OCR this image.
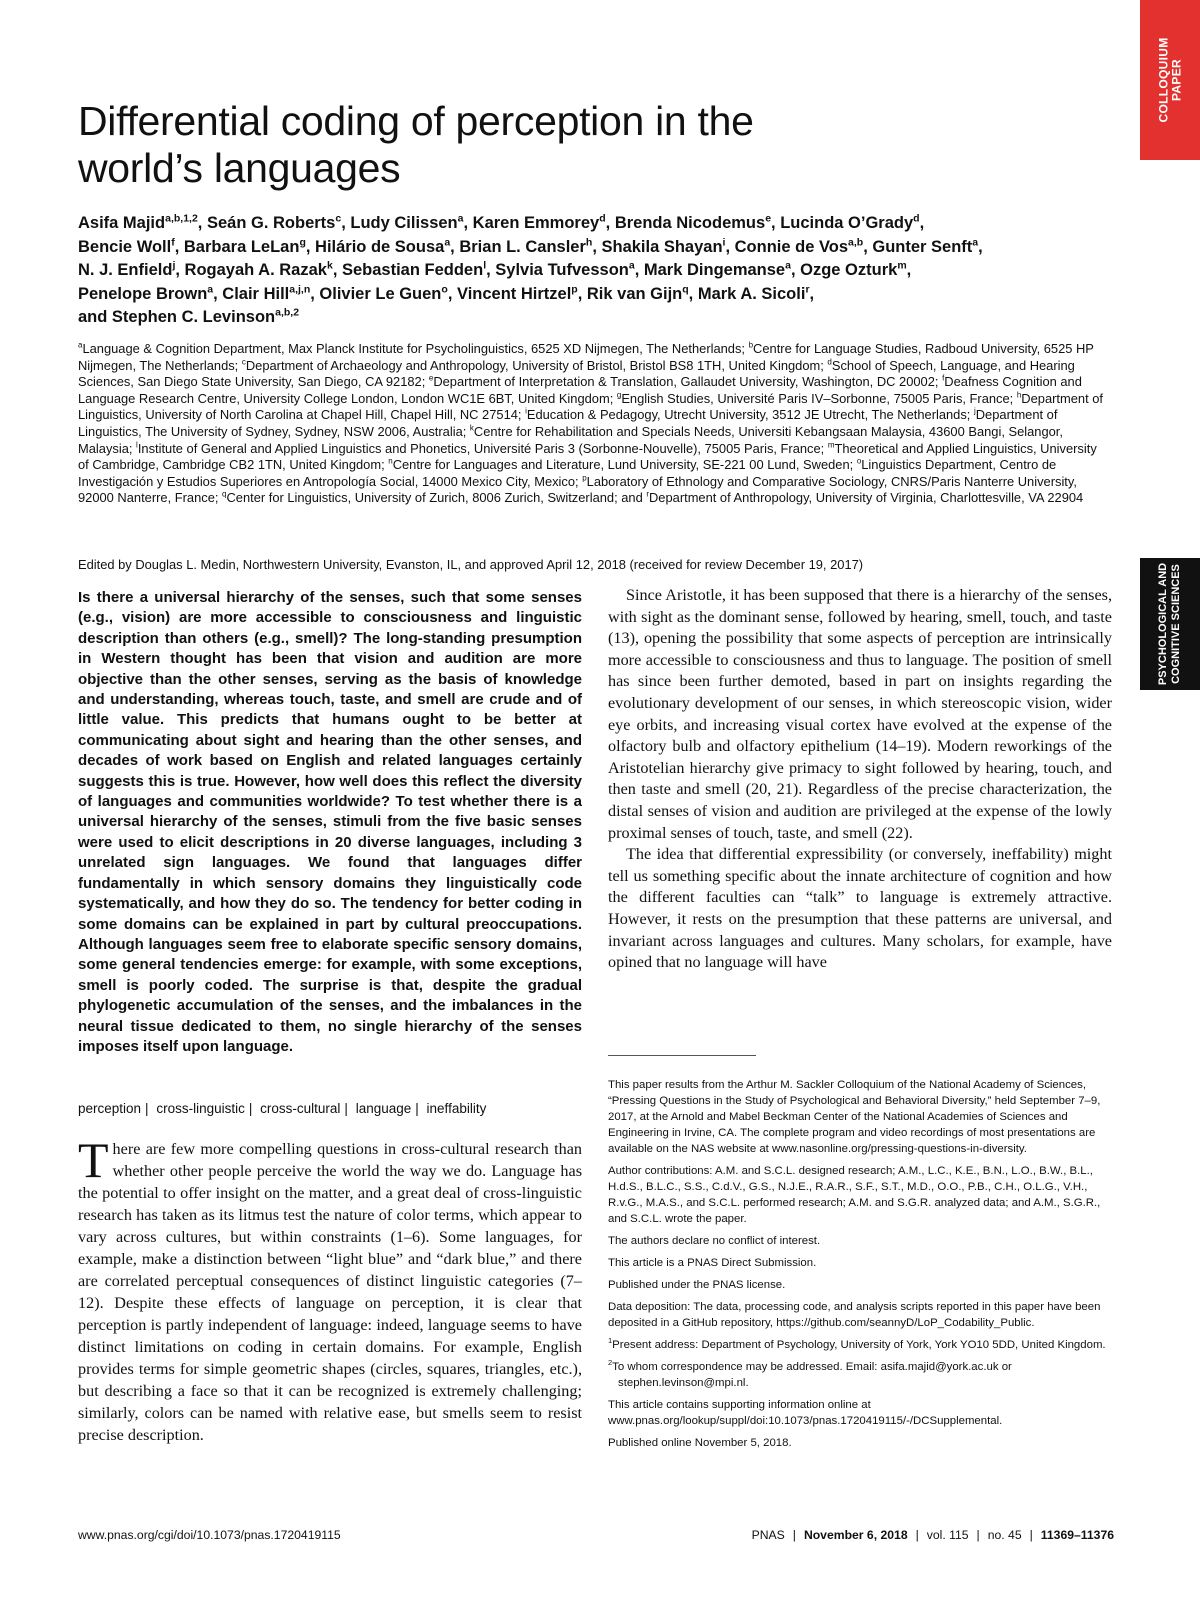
COLLOQUIUM PAPER
PSYCHOLOGICAL AND COGNITIVE SCIENCES
Differential coding of perception in the
world’s languages
Asifa Majid$^{a,b,1,2}$, Seán G. Roberts$^c$, Ludy Cilissen$^a$, Karen Emmorey$^d$, Brenda Nicodemus$^e$, Lucinda O’Grady$^d$,
Bencie Woll$^f$, Barbara LeLan$^g$, Hilário de Sousa$^a$, Brian L. Cansler$^h$, Shakila Shayan$^i$, Connie de Vos$^{a,b}$, Gunter Senft$^a$,
N. J. Enfield$^j$, Rogayah A. Razak$^k$, Sebastian Fedden$^l$, Sylvia Tufvesson$^a$, Mark Dingemanse$^a$, Ozge Ozturk$^m$,
Penelope Brown$^a$, Clair Hill$^{a,j,n}$, Olivier Le Guen$^o$, Vincent Hirtzel$^p$, Rik van Gijn$^q$, Mark A. Sicoli$^r$,
and Stephen C. Levinson$^{a,b,2}$
$^a$Language & Cognition Department, Max Planck Institute for Psycholinguistics, 6525 XD Nijmegen, The Netherlands; $^b$Centre for Language Studies, Radboud University, 6525 HP Nijmegen, The Netherlands; $^c$Department of Archaeology and Anthropology, University of Bristol, Bristol BS8 1TH, United Kingdom; $^d$School of Speech, Language, and Hearing Sciences, San Diego State University, San Diego, CA 92182; $^e$Department of Interpretation & Translation, Gallaudet University, Washington, DC 20002; $^f$Deafness Cognition and Language Research Centre, University College London, London WC1E 6BT, United Kingdom; $^g$English Studies, Université Paris IV–Sorbonne, 75005 Paris, France; $^h$Department of Linguistics, University of North Carolina at Chapel Hill, Chapel Hill, NC 27514; $^i$Education & Pedagogy, Utrecht University, 3512 JE Utrecht, The Netherlands; $^j$Department of Linguistics, The University of Sydney, Sydney, NSW 2006, Australia; $^k$Centre for Rehabilitation and Specials Needs, Universiti Kebangsaan Malaysia, 43600 Bangi, Selangor, Malaysia; $^l$Institute of General and Applied Linguistics and Phonetics, Université Paris 3 (Sorbonne-Nouvelle), 75005 Paris, France; $^m$Theoretical and Applied Linguistics, University of Cambridge, Cambridge CB2 1TN, United Kingdom; $^n$Centre for Languages and Literature, Lund University, SE-221 00 Lund, Sweden; $^o$Linguistics Department, Centro de Investigación y Estudios Superiores en Antropología Social, 14000 Mexico City, Mexico; $^p$Laboratory of Ethnology and Comparative Sociology, CNRS/Paris Nanterre University, 92000 Nanterre, France; $^q$Center for Linguistics, University of Zurich, 8006 Zurich, Switzerland; and $^r$Department of Anthropology, University of Virginia, Charlottesville, VA 22904
Edited by Douglas L. Medin, Northwestern University, Evanston, IL, and approved April 12, 2018 (received for review December 19, 2017)

Is there a universal hierarchy of the senses, such that some senses (e.g., vision) are more accessible to consciousness and linguistic description than others (e.g., smell)? The long-standing presumption in Western thought has been that vision and audition are more objective than the other senses, serving as the basis of knowledge and understanding, whereas touch, taste, and smell are crude and of little value. This predicts that humans ought to be better at communicating about sight and hearing than the other senses, and decades of work based on English and related languages certainly suggests this is true. However, how well does this reflect the diversity of languages and communities worldwide? To test whether there is a universal hierarchy of the senses, stimuli from the five basic senses were used to elicit descriptions in 20 diverse languages, including 3 unrelated sign languages. We found that languages differ fundamentally in which sensory domains they linguistically code systematically, and how they do so. The tendency for better coding in some domains can be explained in part by cultural preoccupations. Although languages seem free to elaborate specific sensory domains, some general tendencies emerge: for example, with some exceptions, smell is poorly coded. The surprise is that, despite the gradual phylogenetic accumulation of the senses, and the imbalances in the neural tissue dedicated to them, no single hierarchy of the senses imposes itself upon language.

perception | cross-linguistic | cross-cultural | language | ineffability

There are few more compelling questions in cross-cultural research than whether other people perceive the world the way we do. Language has the potential to offer insight on the matter, and a great deal of cross-linguistic research has taken as its litmus test the nature of color terms, which appear to vary across cultures, but within constraints (1–6). Some languages, for example, make a distinction between “light blue” and “dark blue,” and there are correlated perceptual consequences of distinct linguistic categories (7–12). Despite these effects of language on perception, it is clear that perception is partly independent of language: indeed, language seems to have distinct limitations on coding in certain domains. For example, English provides terms for simple geometric shapes (circles, squares, triangles, etc.), but describing a face so that it can be recognized is extremely challenging; similarly, colors can be named with relative ease, but smells seem to resist precise description.

Since Aristotle, it has been supposed that there is a hierarchy of the senses, with sight as the dominant sense, followed by hearing, smell, touch, and taste (13), opening the possibility that some aspects of perception are intrinsically more accessible to consciousness and thus to language. The position of smell has since been further demoted, based in part on insights regarding the evolutionary development of our senses, in which stereoscopic vision, wider eye orbits, and increasing visual cortex have evolved at the expense of the olfactory bulb and olfactory epithelium (14–19). Modern reworkings of the Aristotelian hierarchy give primacy to sight followed by hearing, touch, and then taste and smell (20, 21). Regardless of the precise characterization, the distal senses of vision and audition are privileged at the expense of the lowly proximal senses of touch, taste, and smell (22).

The idea that differential expressibility (or conversely, ineffability) might tell us something specific about the innate architecture of cognition and how the different faculties can “talk” to language is extremely attractive. However, it rests on the presumption that these patterns are universal, and invariant across languages and cultures. Many scholars, for example, have opined that no language will have

This paper results from the Arthur M. Sackler Colloquium of the National Academy of Sciences, “Pressing Questions in the Study of Psychological and Behavioral Diversity,” held September 7–9, 2017, at the Arnold and Mabel Beckman Center of the National Academies of Sciences and Engineering in Irvine, CA. The complete program and video recordings of most presentations are available on the NAS website at www.nasonline.org/pressing-questions-in-diversity.

Author contributions: A.M. and S.C.L. designed research; A.M., L.C., K.E., B.N., L.O., B.W., B.L., H.d.S., B.L.C., S.S., C.d.V., G.S., N.J.E., R.A.R., S.F., S.T., M.D., O.O., P.B., C.H., O.L.G., V.H., R.v.G., M.A.S., and S.C.L. performed research; A.M. and S.G.R. analyzed data; and A.M., S.G.R., and S.C.L. wrote the paper.

The authors declare no conflict of interest.

This article is a PNAS Direct Submission.

Published under the PNAS license.

Data deposition: The data, processing code, and analysis scripts reported in this paper have been deposited in a GitHub repository, https://github.com/seannyD/LoP_Codability_Public.

$^1$Present address: Department of Psychology, University of York, York YO10 5DD, United Kingdom.

$^2$To whom correspondence may be addressed. Email: asifa.majid@york.ac.uk or stephen.levinson@mpi.nl.

This article contains supporting information online at www.pnas.org/lookup/suppl/doi:10.1073/pnas.1720419115/-/DCSupplemental.

Published online November 5, 2018.

www.pnas.org/cgi/doi/10.1073/pnas.1720419115	PNAS | November 6, 2018 | vol. 115 | no. 45 | 11369–11376
